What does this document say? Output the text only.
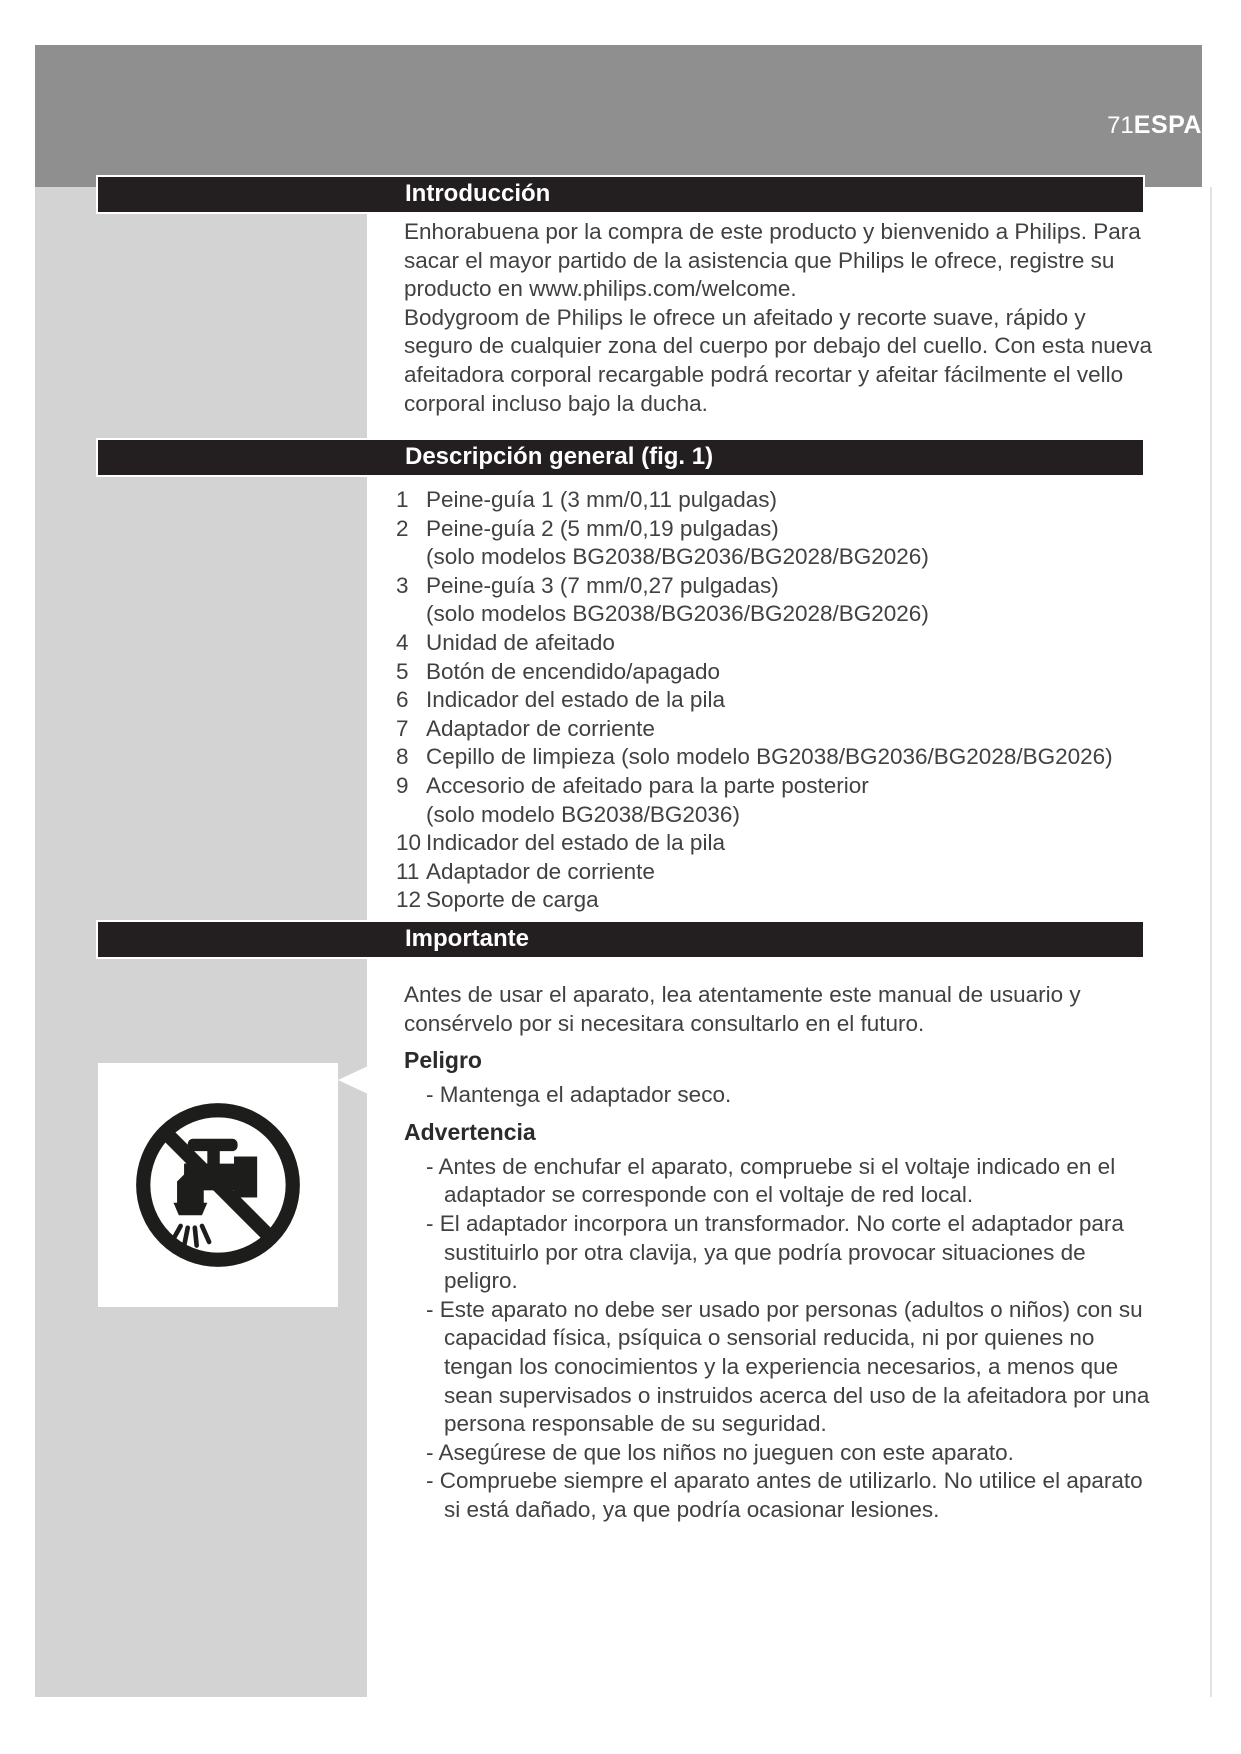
71ESPA
Introducción

Enhorabuena por la compra de este producto y bienvenido a Philips. Para sacar el mayor partido de la asistencia que Philips le ofrece, registre su producto en www.philips.com/welcome.

Bodygroom de Philips le ofrece un afeitado y recorte suave, rápido y seguro de cualquier zona del cuerpo por debajo del cuello. Con esta nueva afeitadora corporal recargable podrá recortar y afeitar fácilmente el vello corporal incluso bajo la ducha.

Descripción general (fig. 1)
1 Peine-guía 1 (3 mm/0,11 pulgadas)
2 Peine-guía 2 (5 mm/0,19 pulgadas)
(solo modelos BG2038/BG2036/BG2028/BG2026)
3 Peine-guía 3 (7 mm/0,27 pulgadas)
(solo modelos BG2038/BG2036/BG2028/BG2026)
4 Unidad de afeitado
5 Botón de encendido/apagado
6 Indicador del estado de la pila
7 Adaptador de corriente
8 Cepillo de limpieza (solo modelo BG2038/BG2036/BG2028/BG2026)
9 Accesorio de afeitado para la parte posterior
(solo modelo BG2038/BG2036)
10 Indicador del estado de la pila
11 Adaptador de corriente
12 Soporte de carga
Importante

Antes de usar el aparato, lea atentamente este manual de usuario y consérvelo por si necesitara consultarlo en el futuro.

Peligro
- Mantenga el adaptador seco.
Advertencia
- Antes de enchufar el aparato, compruebe si el voltaje indicado en el adaptador se corresponde con el voltaje de red local.
- El adaptador incorpora un transformador. No corte el adaptador para sustituirlo por otra clavija, ya que podría provocar situaciones de peligro.
- Este aparato no debe ser usado por personas (adultos o niños) con su capacidad física, psíquica o sensorial reducida, ni por quienes no tengan los conocimientos y la experiencia necesarios, a menos que sean supervisados o instruidos acerca del uso de la afeitadora por una persona responsable de su seguridad.
- Asegúrese de que los niños no jueguen con este aparato.
- Compruebe siempre el aparato antes de utilizarlo. No utilice el aparato si está dañado, ya que podría ocasionar lesiones.
